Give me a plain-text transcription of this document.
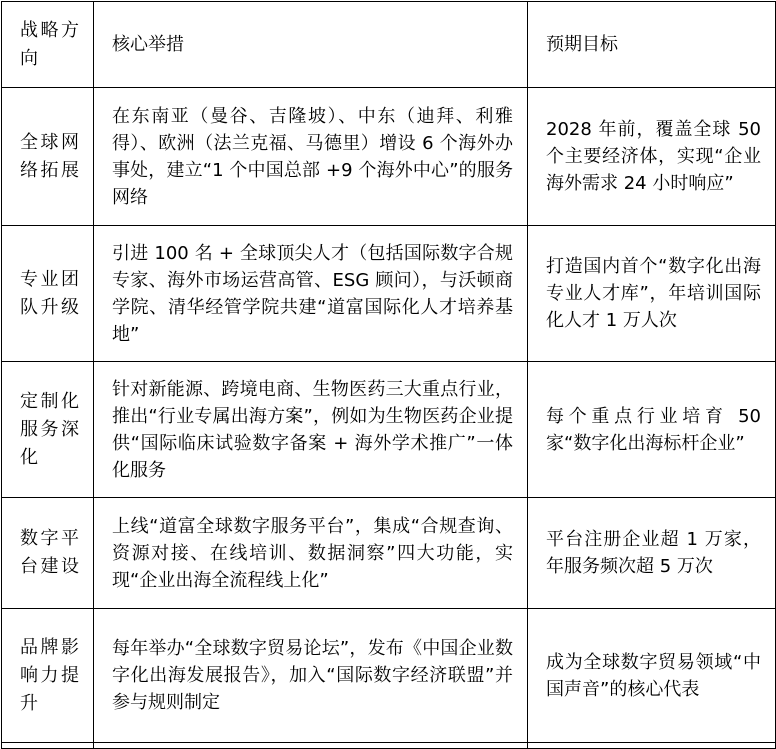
战略方向	核心举措	预期目标
全球网络拓展	在东南亚（曼谷、吉隆坡）、中东（迪拜、利雅得）、欧洲（法兰克福、马德里）增设 6 个海外办事处，建立“1 个中国总部 +9 个海外中心”的服务网络	2028 年前，覆盖全球 50 个主要经济体，实现“企业海外需求 24 小时响应”
专业团队升级	引进 100 名 + 全球顶尖人才（包括国际数字合规专家、海外市场运营高管、ESG 顾问），与沃顿商学院、清华经管学院共建“道富国际化人才培养基地”	打造国内首个“数字化出海专业人才库”，年培训国际化人才 1 万人次
定制化服务深化	针对新能源、跨境电商、生物医药三大重点行业，推出“行业专属出海方案”，例如为生物医药企业提供“国际临床试验数字备案 + 海外学术推广”一体化服务	每个重点行业培育 50 家“数字化出海标杆企业”
数字平台建设	上线“道富全球数字服务平台”，集成“合规查询、资源对接、在线培训、数据洞察”四大功能，实现“企业出海全流程线上化”	平台注册企业超 1 万家，年服务频次超 5 万次
品牌影响力提升	每年举办“全球数字贸易论坛”，发布《中国企业数字化出海发展报告》，加入“国际数字经济联盟”并参与规则制定	成为全球数字贸易领域“中国声音”的核心代表
